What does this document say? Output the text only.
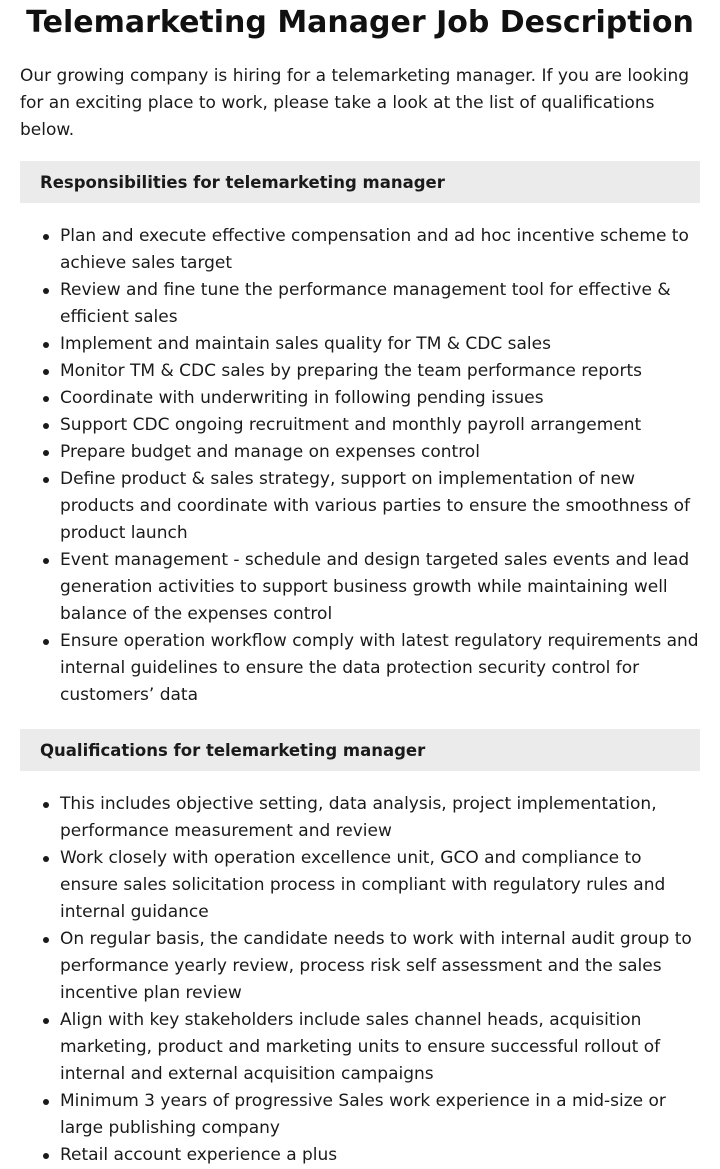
Telemarketing Manager Job Description

Our growing company is hiring for a telemarketing manager. If you are looking for an exciting place to work, please take a look at the list of qualifications below.

Responsibilities for telemarketing manager
Plan and execute effective compensation and ad hoc incentive scheme to achieve sales target
Review and fine tune the performance management tool for effective & efficient sales
Implement and maintain sales quality for TM & CDC sales
Monitor TM & CDC sales by preparing the team performance reports
Coordinate with underwriting in following pending issues
Support CDC ongoing recruitment and monthly payroll arrangement
Prepare budget and manage on expenses control
Define product & sales strategy, support on implementation of new products and coordinate with various parties to ensure the smoothness of product launch
Event management - schedule and design targeted sales events and lead generation activities to support business growth while maintaining well balance of the expenses control
Ensure operation workflow comply with latest regulatory requirements and internal guidelines to ensure the data protection security control for customers’ data
Qualifications for telemarketing manager
This includes objective setting, data analysis, project implementation, performance measurement and review
Work closely with operation excellence unit, GCO and compliance to ensure sales solicitation process in compliant with regulatory rules and internal guidance
On regular basis, the candidate needs to work with internal audit group to performance yearly review, process risk self assessment and the sales incentive plan review
Align with key stakeholders include sales channel heads, acquisition marketing, product and marketing units to ensure successful rollout of internal and external acquisition campaigns
Minimum 3 years of progressive Sales work experience in a mid-size or large publishing company
Retail account experience a plus
